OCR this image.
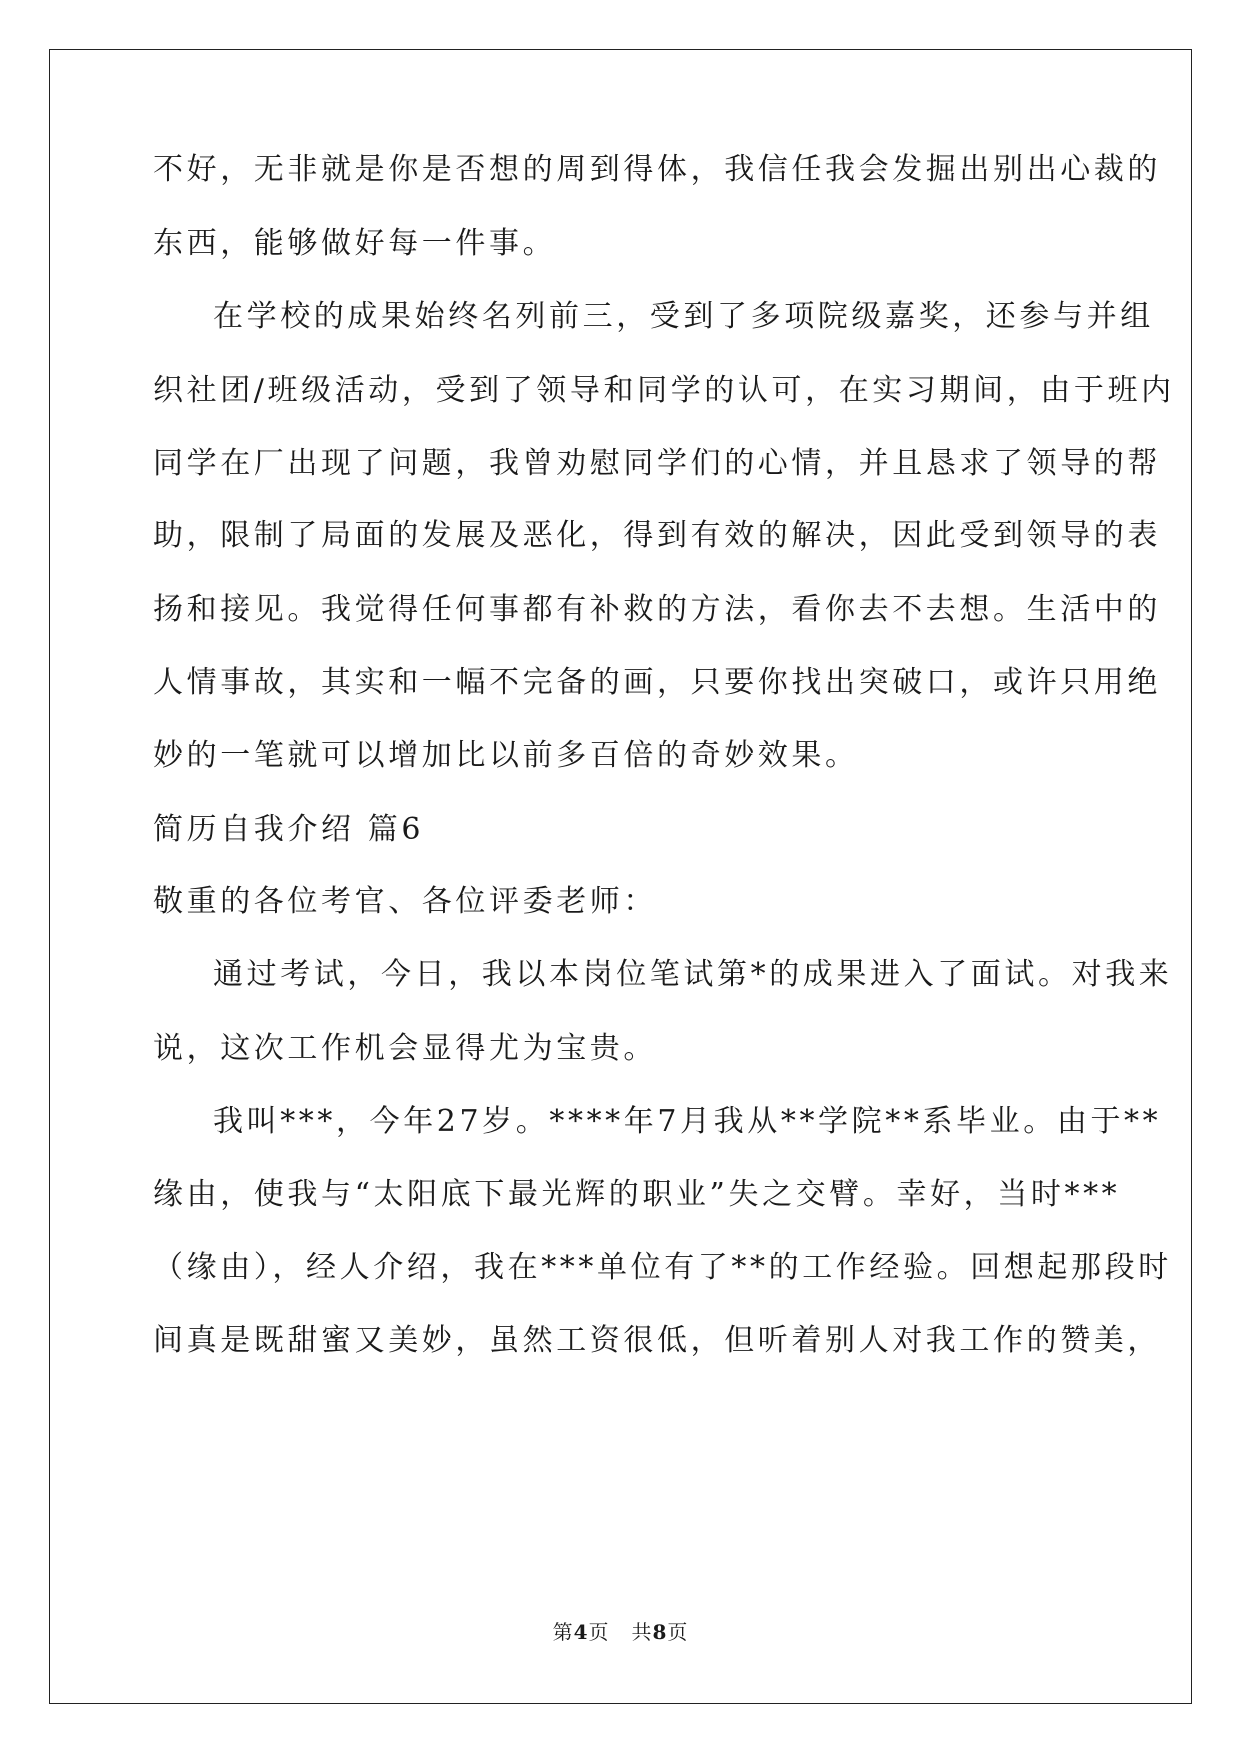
不好，无非就是你是否想的周到得体，我信任我会发掘出别出心裁的

东西，能够做好每一件事。

在学校的成果始终名列前三，受到了多项院级嘉奖，还参与并组

织社团/班级活动，受到了领导和同学的认可，在实习期间，由于班内

同学在厂出现了问题，我曾劝慰同学们的心情，并且恳求了领导的帮

助，限制了局面的发展及恶化，得到有效的解决，因此受到领导的表

扬和接见。我觉得任何事都有补救的方法，看你去不去想。生活中的

人情事故，其实和一幅不完备的画，只要你找出突破口，或许只用绝

妙的一笔就可以增加比以前多百倍的奇妙效果。

简历自我介绍 篇6

敬重的各位考官、各位评委老师：

通过考试，今日，我以本岗位笔试第*的成果进入了面试。对我来

说，这次工作机会显得尤为宝贵。

我叫***，今年27岁。****年7月我从**学院**系毕业。由于**

缘由，使我与“太阳底下最光辉的职业”失之交臂。幸好，当时***

（缘由），经人介绍，我在***单位有了**的工作经验。回想起那段时

间真是既甜蜜又美妙，虽然工资很低，但听着别人对我工作的赞美，

第4页 共8页
